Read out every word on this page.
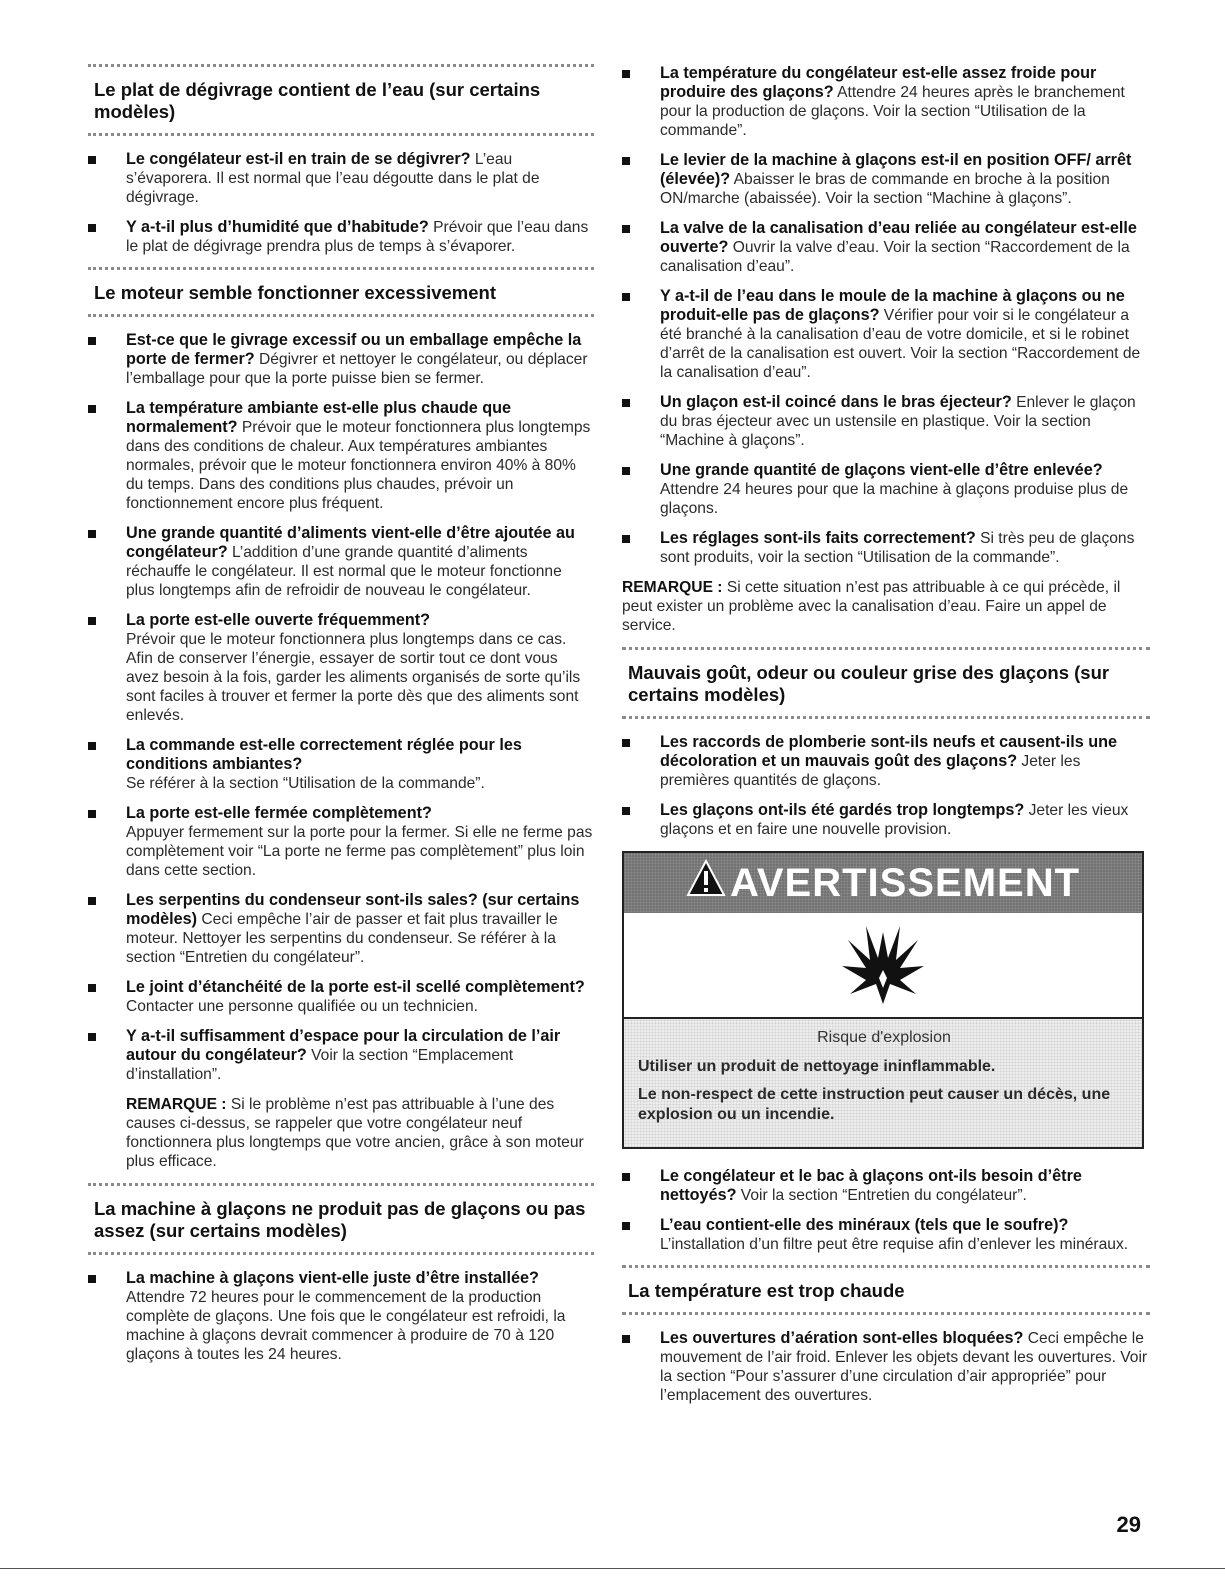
Le plat de dégivrage contient de l’eau (sur certains modèles)
Le congélateur est-il en train de se dégivrer? L’eau s’évaporera. Il est normal que l’eau dégoutte dans le plat de dégivrage.
Y a-t-il plus d’humidité que d’habitude? Prévoir que l’eau dans le plat de dégivrage prendra plus de temps à s’évaporer.
Le moteur semble fonctionner excessivement
Est-ce que le givrage excessif ou un emballage empêche la porte de fermer? Dégivrer et nettoyer le congélateur, ou déplacer l’emballage pour que la porte puisse bien se fermer.
La température ambiante est-elle plus chaude que normalement? Prévoir que le moteur fonctionnera plus longtemps dans des conditions de chaleur. Aux températures ambiantes normales, prévoir que le moteur fonctionnera environ 40% à 80% du temps. Dans des conditions plus chaudes, prévoir un fonctionnement encore plus fréquent.
Une grande quantité d’aliments vient-elle d’être ajoutée au congélateur? L’addition d’une grande quantité d’aliments réchauffe le congélateur. Il est normal que le moteur fonctionne plus longtemps afin de refroidir de nouveau le congélateur.
La porte est-elle ouverte fréquemment?
Prévoir que le moteur fonctionnera plus longtemps dans ce cas. Afin de conserver l’énergie, essayer de sortir tout ce dont vous avez besoin à la fois, garder les aliments organisés de sorte qu’ils sont faciles à trouver et fermer la porte dès que des aliments sont enlevés.
La commande est-elle correctement réglée pour les conditions ambiantes?
Se référer à la section “Utilisation de la commande”.
La porte est-elle fermée complètement?
Appuyer fermement sur la porte pour la fermer. Si elle ne ferme pas complètement voir “La porte ne ferme pas complètement” plus loin dans cette section.
Les serpentins du condenseur sont-ils sales? (sur certains modèles) Ceci empêche l’air de passer et fait plus travailler le moteur. Nettoyer les serpentins du condenseur. Se référer à la section “Entretien du congélateur”.
Le joint d’étanchéité de la porte est-il scellé complètement? Contacter une personne qualifiée ou un technicien.
Y a-t-il suffisamment d’espace pour la circulation de l’air autour du congélateur? Voir la section “Emplacement d’installation”.

REMARQUE : Si le problème n’est pas attribuable à l’une des causes ci-dessus, se rappeler que votre congélateur neuf fonctionnera plus longtemps que votre ancien, grâce à son moteur plus efficace.

La machine à glaçons ne produit pas de glaçons ou pas assez (sur certains modèles)
La machine à glaçons vient-elle juste d’être installée?
Attendre 72 heures pour le commencement de la production complète de glaçons. Une fois que le congélateur est refroidi, la machine à glaçons devrait commencer à produire de 70 à 120 glaçons à toutes les 24 heures.
La température du congélateur est-elle assez froide pour produire des glaçons? Attendre 24 heures après le branchement pour la production de glaçons. Voir la section “Utilisation de la commande”.
Le levier de la machine à glaçons est-il en position OFF/ arrêt (élevée)? Abaisser le bras de commande en broche à la position ON/marche (abaissée). Voir la section “Machine à glaçons”.
La valve de la canalisation d’eau reliée au congélateur est-elle ouverte? Ouvrir la valve d’eau. Voir la section “Raccordement de la canalisation d’eau”.
Y a-t-il de l’eau dans le moule de la machine à glaçons ou ne produit-elle pas de glaçons? Vérifier pour voir si le congélateur a été branché à la canalisation d’eau de votre domicile, et si le robinet d’arrêt de la canalisation est ouvert. Voir la section “Raccordement de la canalisation d’eau”.
Un glaçon est-il coincé dans le bras éjecteur? Enlever le glaçon du bras éjecteur avec un ustensile en plastique. Voir la section “Machine à glaçons”.
Une grande quantité de glaçons vient-elle d’être enlevée?
Attendre 24 heures pour que la machine à glaçons produise plus de glaçons.
Les réglages sont-ils faits correctement? Si très peu de glaçons sont produits, voir la section “Utilisation de la commande”.

REMARQUE : Si cette situation n’est pas attribuable à ce qui précède, il peut exister un problème avec la canalisation d’eau. Faire un appel de service.

Mauvais goût, odeur ou couleur grise des glaçons (sur certains modèles)
Les raccords de plomberie sont-ils neufs et causent-ils une décoloration et un mauvais goût des glaçons? Jeter les premières quantités de glaçons.
Les glaçons ont-ils été gardés trop longtemps? Jeter les vieux glaçons et en faire une nouvelle provision.
AVERTISSEMENT
Risque d'explosion
Utiliser un produit de nettoyage ininflammable.
Le non-respect de cette instruction peut causer un décès, une explosion ou un incendie.
Le congélateur et le bac à glaçons ont-ils besoin d’être nettoyés? Voir la section “Entretien du congélateur”.
L’eau contient-elle des minéraux (tels que le soufre)?
L’installation d’un filtre peut être requise afin d’enlever les minéraux.
La température est trop chaude
Les ouvertures d’aération sont-elles bloquées? Ceci empêche le mouvement de l’air froid. Enlever les objets devant les ouvertures. Voir la section “Pour s’assurer d’une circulation d’air appropriée” pour l’emplacement des ouvertures.
29
